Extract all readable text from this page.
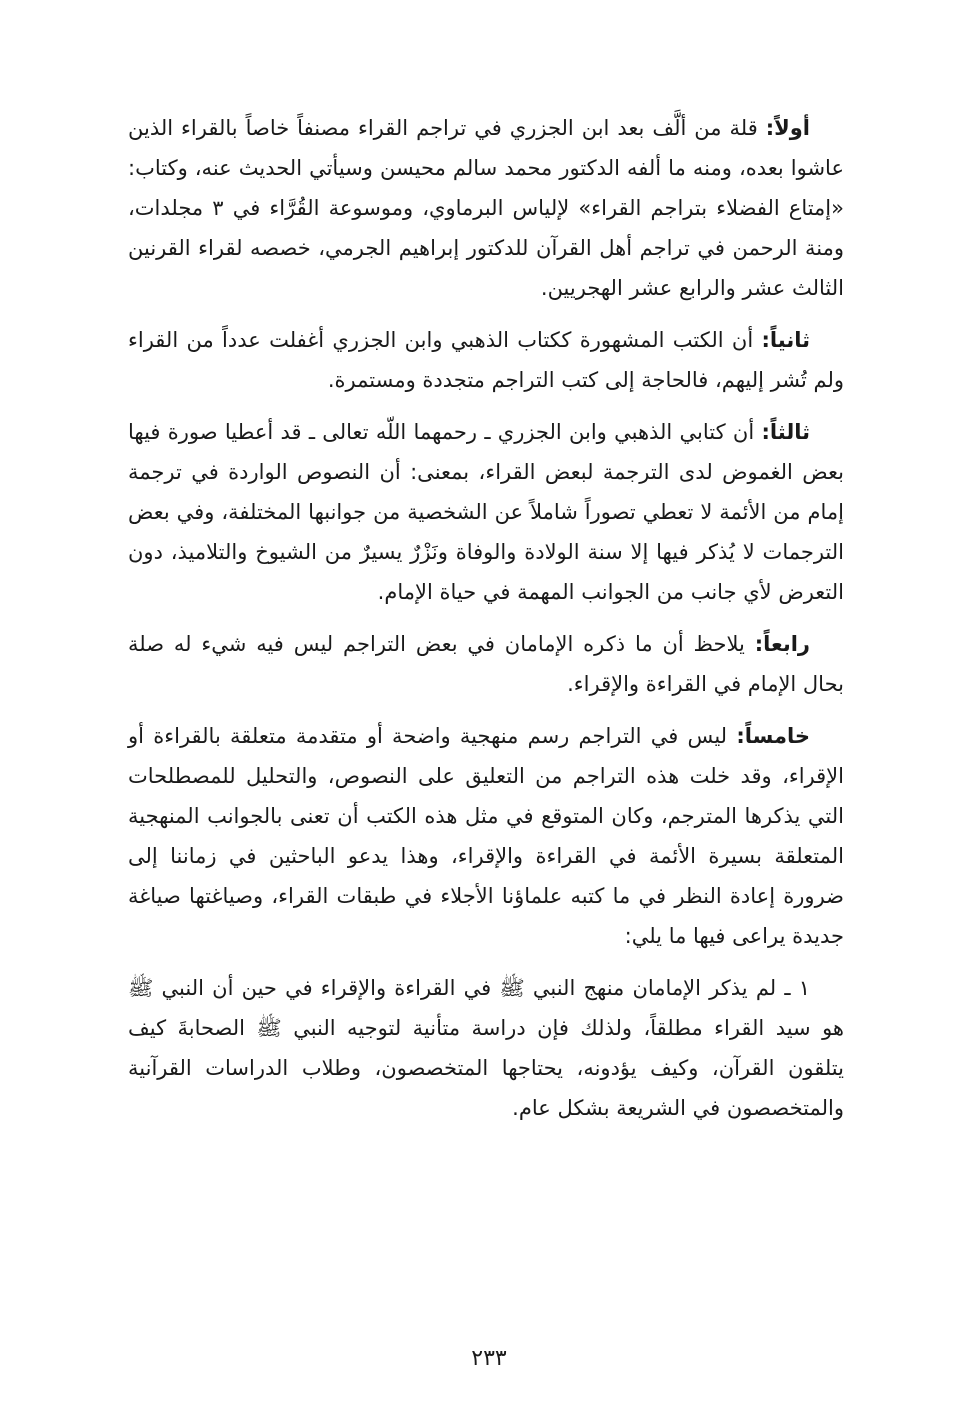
أولاً: قلة من ألَّف بعد ابن الجزري في تراجم القراء مصنفاً خاصاً بالقراء الذين عاشوا بعده، ومنه ما ألفه الدكتور محمد سالم محيسن وسيأتي الحديث عنه، وكتاب: «إمتاع الفضلاء بتراجم القراء» لإلياس البرماوي، وموسوعة القُرَّاء في ٣ مجلدات، ومنة الرحمن في تراجم أهل القرآن للدكتور إبراهيم الجرمي، خصصه لقراء القرنين الثالث عشر والرابع عشر الهجريين.

ثانياً: أن الكتب المشهورة ككتاب الذهبي وابن الجزري أغفلت عدداً من القراء ولم تُشر إليهم، فالحاجة إلى كتب التراجم متجددة ومستمرة.

ثالثاً: أن كتابي الذهبي وابن الجزري ـ رحمهما اللّه تعالى ـ قد أعطيا صورة فيها بعض الغموض لدى الترجمة لبعض القراء، بمعنى: أن النصوص الواردة في ترجمة إمام من الأئمة لا تعطي تصوراً شاملاً عن الشخصية من جوانبها المختلفة، وفي بعض الترجمات لا يُذكر فيها إلا سنة الولادة والوفاة ونَزْرٌ يسيرٌ من الشيوخ والتلاميذ، دون التعرض لأي جانب من الجوانب المهمة في حياة الإمام.

رابعاً: يلاحظ أن ما ذكره الإمامان في بعض التراجم ليس فيه شيء له صلة بحال الإمام في القراءة والإقراء.

خامساً: ليس في التراجم رسم منهجية واضحة أو متقدمة متعلقة بالقراءة أو الإقراء، وقد خلت هذه التراجم من التعليق على النصوص، والتحليل للمصطلحات التي يذكرها المترجم، وكان المتوقع في مثل هذه الكتب أن تعنى بالجوانب المنهجية المتعلقة بسيرة الأئمة في القراءة والإقراء، وهذا يدعو الباحثين في زماننا إلى ضرورة إعادة النظر في ما كتبه علماؤنا الأجلاء في طبقات القراء، وصياغتها صياغة جديدة يراعى فيها ما يلي:

١ ـ لم يذكر الإمامان منهج النبي ﷺ في القراءة والإقراء في حين أن النبي ﷺ هو سيد القراء مطلقاً، ولذلك فإن دراسة متأنية لتوجيه النبي ﷺ الصحابةَ كيف يتلقون القرآن، وكيف يؤدونه، يحتاجها المتخصصون، وطلاب الدراسات القرآنية والمتخصصون في الشريعة بشكل عام.

٢٣٣
